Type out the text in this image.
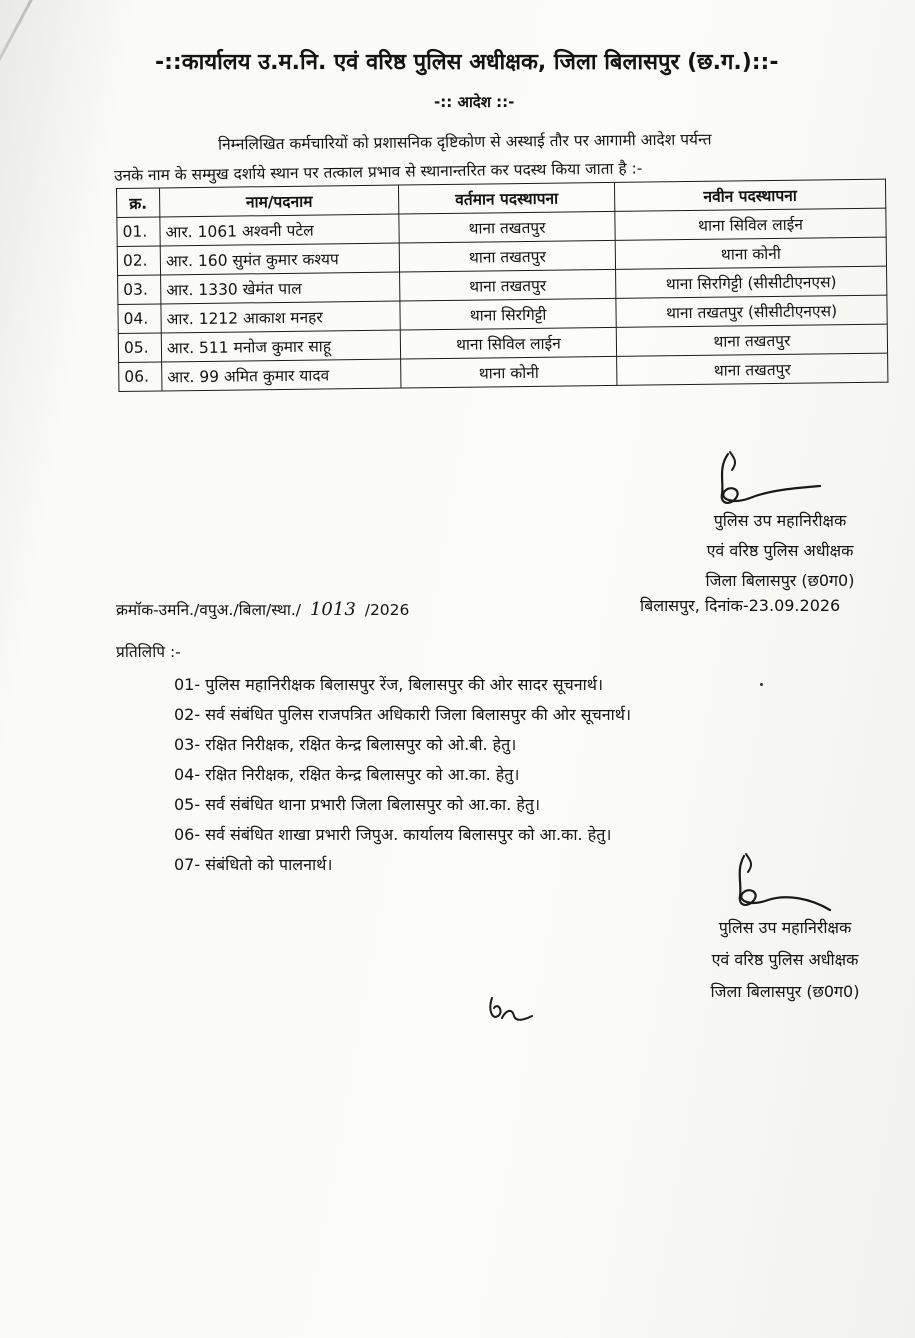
-::कार्यालय उ.म.नि. एवं वरिष्ठ पुलिस अधीक्षक, जिला बिलासपुर (छ.ग.)::-
-:: आदेश ::-
निम्नलिखित कर्मचारियों को प्रशासनिक दृष्टिकोण से अस्थाई तौर पर आगामी आदेश पर्यन्त
उनके नाम के सम्मुख दर्शाये स्थान पर तत्काल प्रभाव से स्थानान्तरित कर पदस्थ किया जाता है :-
क्र.	नाम/पदनाम	वर्तमान पदस्थापना	नवीन पदस्थापना
01.	आर. 1061 अश्वनी पटेल	थाना तखतपुर	थाना सिविल लाईन
02.	आर. 160 सुमंत कुमार कश्यप	थाना तखतपुर	थाना कोनी
03.	आर. 1330 खेमंत पाल	थाना तखतपुर	थाना सिरगिट्टी (सीसीटीएनएस)
04.	आर. 1212 आकाश मनहर	थाना सिरगिट्टी	थाना तखतपुर (सीसीटीएनएस)
05.	आर. 511 मनोज कुमार साहू	थाना सिविल लाईन	थाना तखतपुर
06.	आर. 99 अमित कुमार यादव	थाना कोनी	थाना तखतपुर
पुलिस उप महानिरीक्षक
एवं वरिष्ठ पुलिस अधीक्षक
जिला बिलासपुर (छ0ग0)
क्रमॉक-उमनि./वपुअ./बिला/स्था./ 1013 /2026	बिलासपुर, दिनांक-23.09.2026
प्रतिलिपि :-
01- पुलिस महानिरीक्षक बिलासपुर रेंज, बिलासपुर की ओर सादर सूचनार्थ।
02- सर्व संबंधित पुलिस राजपत्रित अधिकारी जिला बिलासपुर की ओर सूचनार्थ।
03- रक्षित निरीक्षक, रक्षित केन्द्र बिलासपुर को ओ.बी. हेतु।
04- रक्षित निरीक्षक, रक्षित केन्द्र बिलासपुर को आ.का. हेतु।
05- सर्व संबंधित थाना प्रभारी जिला बिलासपुर को आ.का. हेतु।
06- सर्व संबंधित शाखा प्रभारी जिपुअ. कार्यालय बिलासपुर को आ.का. हेतु।
07- संबंधितो को पालनार्थ।
पुलिस उप महानिरीक्षक
एवं वरिष्ठ पुलिस अधीक्षक
जिला बिलासपुर (छ0ग0)
